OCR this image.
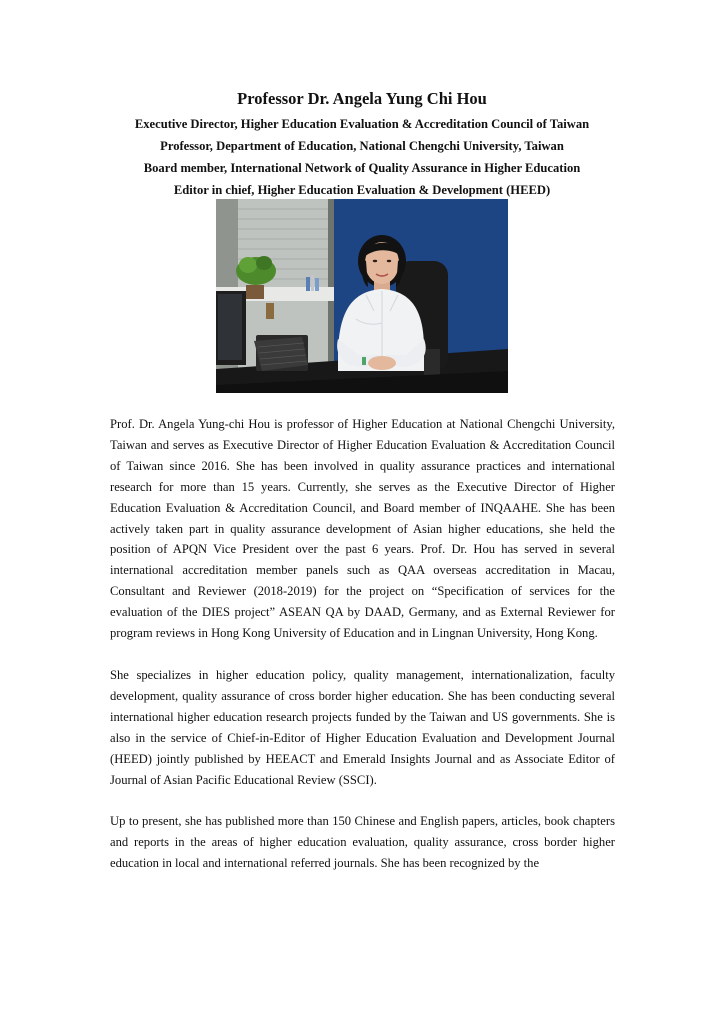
Professor Dr. Angela Yung Chi Hou

Executive Director, Higher Education Evaluation & Accreditation Council of Taiwan

Professor, Department of Education, National Chengchi University, Taiwan

Board member, International Network of Quality Assurance in Higher Education

Editor in chief, Higher Education Evaluation & Development (HEED)

Prof. Dr. Angela Yung-chi Hou is professor of Higher Education at National Chengchi University, Taiwan and serves as Executive Director of Higher Education Evaluation & Accreditation Council of Taiwan since 2016. She has been involved in quality assurance practices and international research for more than 15 years. Currently, she serves as the Executive Director of Higher Education Evaluation & Accreditation Council, and Board member of INQAAHE. She has been actively taken part in quality assurance development of Asian higher educations, she held the position of APQN Vice President over the past 6 years. Prof. Dr. Hou has served in several international accreditation member panels such as QAA overseas accreditation in Macau, Consultant and Reviewer (2018-2019) for the project on “Specification of services for the evaluation of the DIES project” ASEAN QA by DAAD, Germany, and as External Reviewer for program reviews in Hong Kong University of Education and in Lingnan University, Hong Kong.

She specializes in higher education policy, quality management, internationalization, faculty development, quality assurance of cross border higher education. She has been conducting several international higher education research projects funded by the Taiwan and US governments. She is also in the service of Chief-in-Editor of Higher Education Evaluation and Development Journal (HEED) jointly published by HEEACT and Emerald Insights Journal and as Associate Editor of Journal of Asian Pacific Educational Review (SSCI).

Up to present, she has published more than 150 Chinese and English papers, articles, book chapters and reports in the areas of higher education evaluation, quality assurance, cross border higher education in local and international referred journals. She has been recognized by the
